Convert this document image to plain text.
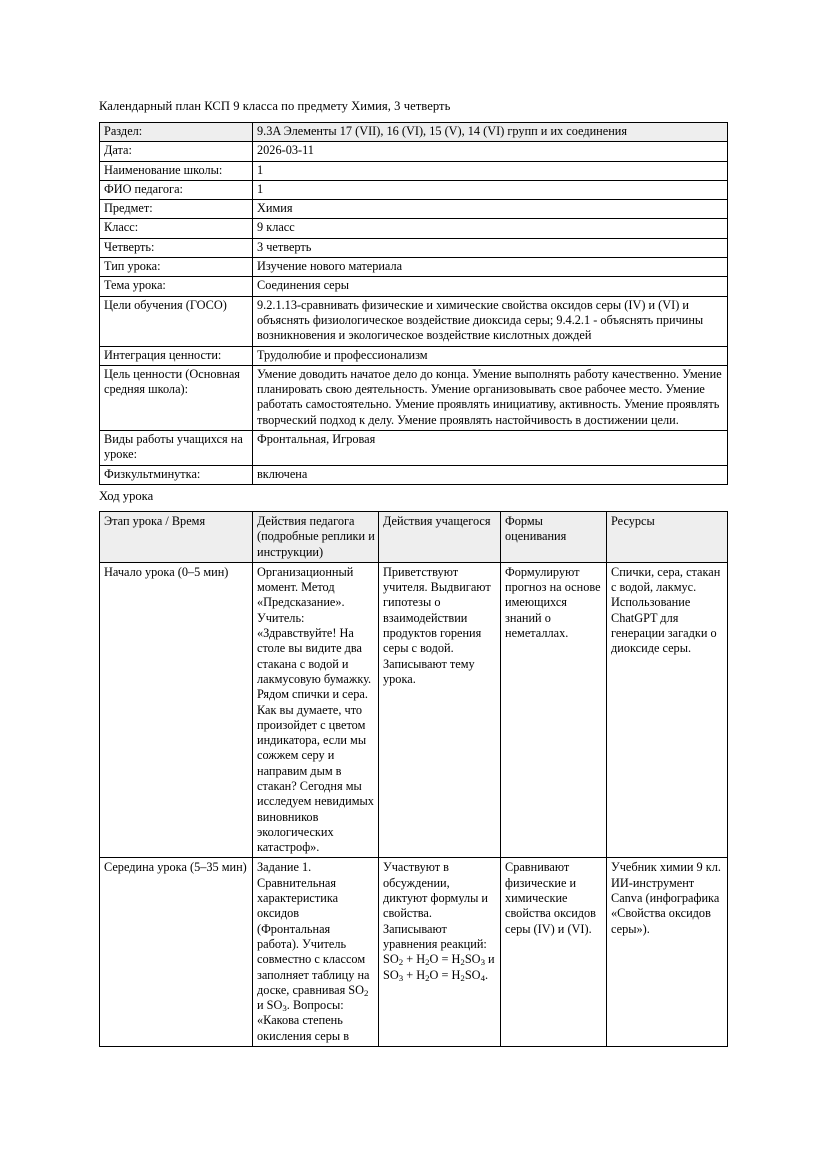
Календарный план КСП 9 класса по предмету Химия, 3 четверть
Раздел:	9.3A Элементы 17 (VII), 16 (VI), 15 (V), 14 (VI) групп и их соединения
Дата:	2026-03-11
Наименование школы:	1
ФИО педагога:	1
Предмет:	Химия
Класс:	9 класс
Четверть:	3 четверть
Тип урока:	Изучение нового материала
Тема урока:	Соединения серы
Цели обучения (ГОСО)	9.2.1.13-сравнивать физические и химические свойства оксидов серы (IV) и (VI) и объяснять физиологическое воздействие диоксида серы; 9.4.2.1 - объяснять причины возникновения и экологическое воздействие кислотных дождей
Интеграция ценности:	Трудолюбие и профессионализм
Цель ценности (Основная средняя школа):	Умение доводить начатое дело до конца. Умение выполнять работу качественно. Умение планировать свою деятельность. Умение организовывать свое рабочее место. Умение работать самостоятельно. Умение проявлять инициативу, активность. Умение проявлять творческий подход к делу. Умение проявлять настойчивость в достижении цели.
Виды работы учащихся на уроке:	Фронтальная, Игровая
Физкультминутка:	включена
Ход урока
Этап урока / Время	Действия педагога (подробные реплики и инструкции)	Действия учащегося	Формы оценивания	Ресурсы
Начало урока (0–5 мин)	Организационный момент. Метод «Предсказание». Учитель: «Здравствуйте! На столе вы видите два стакана с водой и лакмусовую бумажку. Рядом спички и сера. Как вы думаете, что произойдет с цветом индикатора, если мы сожжем серу и направим дым в стакан? Сегодня мы исследуем невидимых виновников экологических катастроф».	Приветствуют учителя. Выдвигают гипотезы о взаимодействии продуктов горения серы с водой. Записывают тему урока.	Формулируют прогноз на основе имеющихся знаний о неметаллах.	Спички, сера, стакан с водой, лакмус. Использование ChatGPT для генерации загадки о диоксиде серы.
Середина урока (5–35 мин)	Задание 1. Сравнительная характеристика оксидов (Фронтальная работа). Учитель совместно с классом заполняет таблицу на доске, сравнивая $SO_2$ и $SO_3$. Вопросы: «Какова степень окисления серы в	Участвуют в обсуждении, диктуют формулы и свойства. Записывают уравнения реакций: $SO_2 + H_2O = H_2SO_3$ и $SO_3 + H_2O = H_2SO_4$.	Сравнивают физические и химические свойства оксидов серы (IV) и (VI).	Учебник химии 9 кл. ИИ-инструмент Canva (инфографика «Свойства оксидов серы»).
